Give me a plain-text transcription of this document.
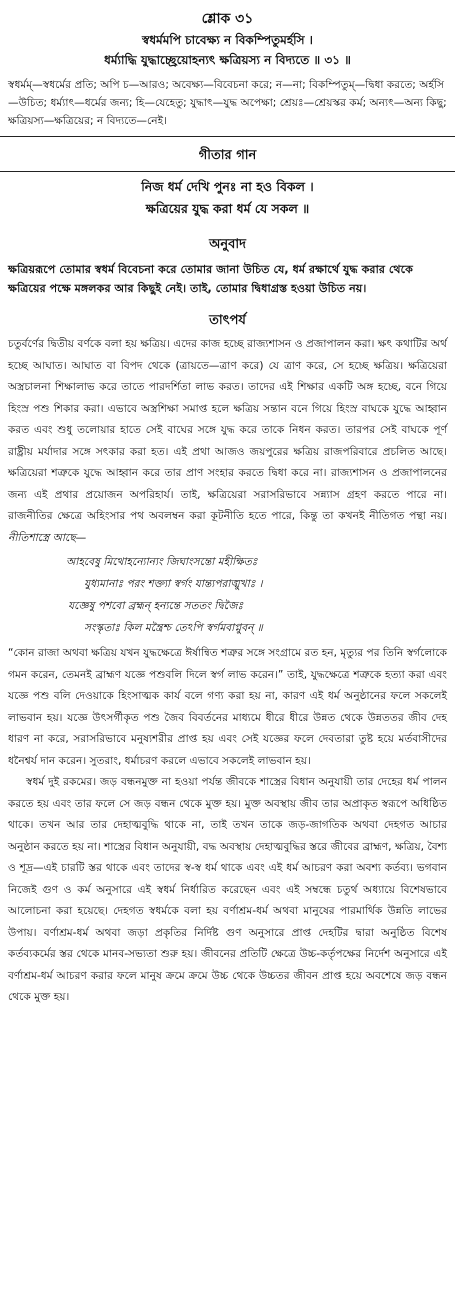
শ্লোক ৩১
স্বধর্মমপি চাবেক্ষ্য ন বিকম্পিতুমর্হসি ।
ধর্ম্যাদ্ধি যুদ্ধাচ্ছ্রেয়োহন্যৎ ক্ষত্রিয়স্য ন বিদ্যতে ॥ ৩১ ॥
স্বধর্মম্—স্বধর্মের প্রতি; অপি চ—আরও; অবেক্ষ্য—বিবেচনা করে; ন—না; বিকম্পিতুম্—দ্বিধা করতে; অর্হসি—উচিত; ধর্ম্যাৎ—ধর্মের জন্য; হি—যেহেতু; যুদ্ধাৎ—যুদ্ধ অপেক্ষা; শ্রেয়ঃ—শ্রেয়স্কর কর্ম; অন্যৎ—অন্য কিছু; ক্ষত্রিয়স্য—ক্ষত্রিয়ের; ন বিদ্যতে—নেই।
গীতার গান
নিজ ধর্ম দেখি পুনঃ না হও বিকল ।
ক্ষত্রিয়ের যুদ্ধ করা ধর্ম যে সকল ॥
অনুবাদ
ক্ষত্রিয়রূপে তোমার স্বধর্ম বিবেচনা করে তোমার জানা উচিত যে, ধর্ম রক্ষার্থে যুদ্ধ করার থেকে ক্ষত্রিয়ের পক্ষে মঙ্গলকর আর কিছুই নেই। তাই, তোমার দ্বিধাগ্রস্ত হওয়া উচিত নয়।
তাৎপর্য
চতুর্বর্ণের দ্বিতীয় বর্ণকে বলা হয় ক্ষত্রিয়। এদের কাজ হচ্ছে রাজ্যশাসন ও প্রজাপালন করা। ক্ষৎ কথাটির অর্থ হচ্ছে আঘাত। আঘাত বা বিপদ থেকে (ত্রায়তে—ত্রাণ করে) যে ত্রাণ করে, সে হচ্ছে ক্ষত্রিয়। ক্ষত্রিয়েরা অস্ত্রচালনা শিক্ষালাভ করে তাতে পারদর্শিতা লাভ করত। তাদের এই শিক্ষার একটি অঙ্গ হচ্ছে, বনে গিয়ে হিংস্র পশু শিকার করা। এভাবে অস্ত্রশিক্ষা সমাপ্ত হলে ক্ষত্রিয় সন্তান বনে গিয়ে হিংস্র বাঘকে যুদ্ধে আহ্বান করত এবং শুধু তলোয়ার হাতে সেই বাঘের সঙ্গে যুদ্ধ করে তাকে নিধন করত। তারপর সেই বাঘকে পূর্ণ রাষ্ট্রীয় মর্যাদার সঙ্গে সৎকার করা হত। এই প্রথা আজও জয়পুরের ক্ষত্রিয় রাজপরিবারে প্রচলিত আছে। ক্ষত্রিয়েরা শত্রুকে যুদ্ধে আহ্বান করে তার প্রাণ সংহার করতে দ্বিধা করে না। রাজ্যশাসন ও প্রজাপালনের জন্য এই প্রথার প্রয়োজন অপরিহার্য। তাই, ক্ষত্রিয়েরা সরাসরিভাবে সন্ন্যাস গ্রহণ করতে পারে না। রাজনীতির ক্ষেত্রে অহিংসার পথ অবলম্বন করা কূটনীতি হতে পারে, কিন্তু তা কখনই নীতিগত পন্থা নয়। নীতিশাস্ত্রে আছে—
আহবেষু মিথোহন্যোন্যং জিঘাংসন্তো মহীক্ষিতঃ
যুধ্যমানাঃ পরং শক্ত্যা স্বর্গং যান্ত্যপরাঙ্মুখাঃ ।
যজ্ঞেষু পশবো ব্রহ্মন্ হন্যন্তে সততং দ্বিজৈঃ
সংস্কৃতাঃ কিল মন্ত্রৈশ্চ তেঽপি স্বর্গমবাপ্নুবন্ ॥
“কোন রাজা অথবা ক্ষত্রিয় যখন যুদ্ধক্ষেত্রে ঈর্ষান্বিত শত্রুর সঙ্গে সংগ্রামে রত হন, মৃত্যুর পর তিনি স্বর্গলোকে গমন করেন, তেমনই ব্রাহ্মণ যজ্ঞে পশুবলি দিলে স্বর্গ লাভ করেন।” তাই, যুদ্ধক্ষেত্রে শত্রুকে হত্যা করা এবং যজ্ঞে পশু বলি দেওয়াকে হিংসাত্মক কার্য বলে গণ্য করা হয় না, কারণ এই ধর্ম অনুষ্ঠানের ফলে সকলেই লাভবান হয়। যজ্ঞে উৎসর্গীকৃত পশু জৈব বিবর্তনের মাধ্যমে ধীরে ধীরে উন্নত থেকে উন্নততর জীব দেহ ধারণ না করে, সরাসরিভাবে মনুষ্যশরীর প্রাপ্ত হয় এবং সেই যজ্ঞের ফলে দেবতারা তুষ্ট হয়ে মর্তবাসীদের ধনৈশ্বর্য দান করেন। সুতরাং, ধর্মাচরণ করলে এভাবে সকলেই লাভবান হয়।
স্বধর্ম দুই রকমের। জড় বন্ধনমুক্ত না হওয়া পর্যন্ত জীবকে শাস্ত্রের বিধান অনুযায়ী তার দেহের ধর্ম পালন করতে হয় এবং তার ফলে সে জড় বন্ধন থেকে মুক্ত হয়। মুক্ত অবস্থায় জীব তার অপ্রাকৃত স্বরূপে অধিষ্ঠিত থাকে। তখন আর তার দেহাত্মবুদ্ধি থাকে না, তাই তখন তাকে জড়-জাগতিক অথবা দেহগত আচার অনুষ্ঠান করতে হয় না। শাস্ত্রের বিধান অনুযায়ী, বদ্ধ অবস্থায় দেহাত্মবুদ্ধির স্তরে জীবের ব্রাহ্মণ, ক্ষত্রিয়, বৈশ্য ও শূদ্র—এই চারটি স্তর থাকে এবং তাদের স্ব-স্ব ধর্ম থাকে এবং এই ধর্ম আচরণ করা অবশ্য কর্তব্য। ভগবান নিজেই গুণ ও কর্ম অনুসারে এই স্বধর্ম নির্ধারিত করেছেন এবং এই সম্বন্ধে চতুর্থ অধ্যায়ে বিশেষভাবে আলোচনা করা হয়েছে। দেহগত স্বধর্মকে বলা হয় বর্ণাশ্রম-ধর্ম অথবা মানুষের পারমার্থিক উন্নতি লাভের উপায়। বর্ণাশ্রম-ধর্ম অথবা জড়া প্রকৃতির নির্দিষ্ট গুণ অনুসারে প্রাপ্ত দেহটির দ্বারা অনুষ্ঠিত বিশেষ কর্তব্যকর্মের স্তর থেকে মানব-সভ্যতা শুরু হয়। জীবনের প্রতিটি ক্ষেত্রে উচ্চ-কর্তৃপক্ষের নির্দেশ অনুসারে এই বর্ণাশ্রম-ধর্ম আচরণ করার ফলে মানুষ ক্রমে ক্রমে উচ্চ থেকে উচ্চতর জীবন প্রাপ্ত হয়ে অবশেষে জড় বন্ধন থেকে মুক্ত হয়।
